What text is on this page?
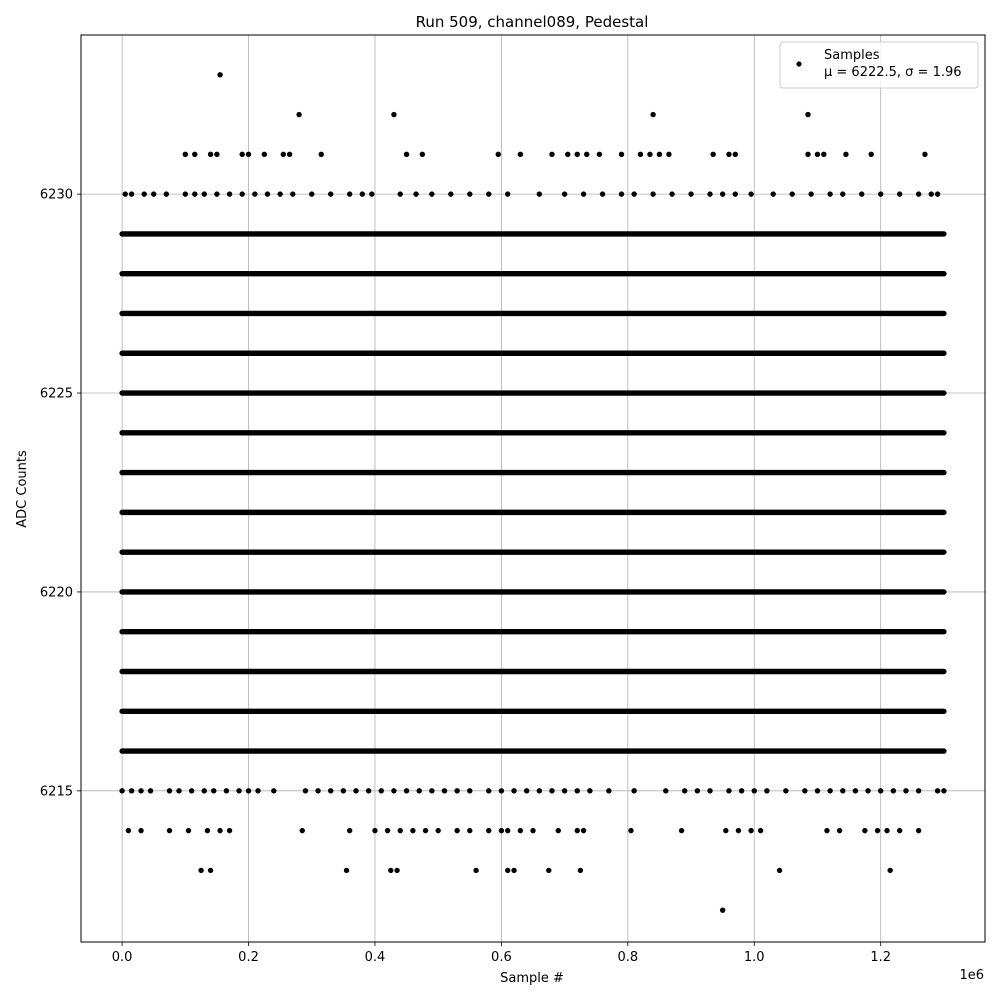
Run 509, channel089, Pedestal
0.0	0.2	0.4	0.6	0.8	1.0	1.2
6215
6220
6225
6230
Sample #
ADC Counts
1e6
Samples
μ = 6222.5, σ = 1.96
